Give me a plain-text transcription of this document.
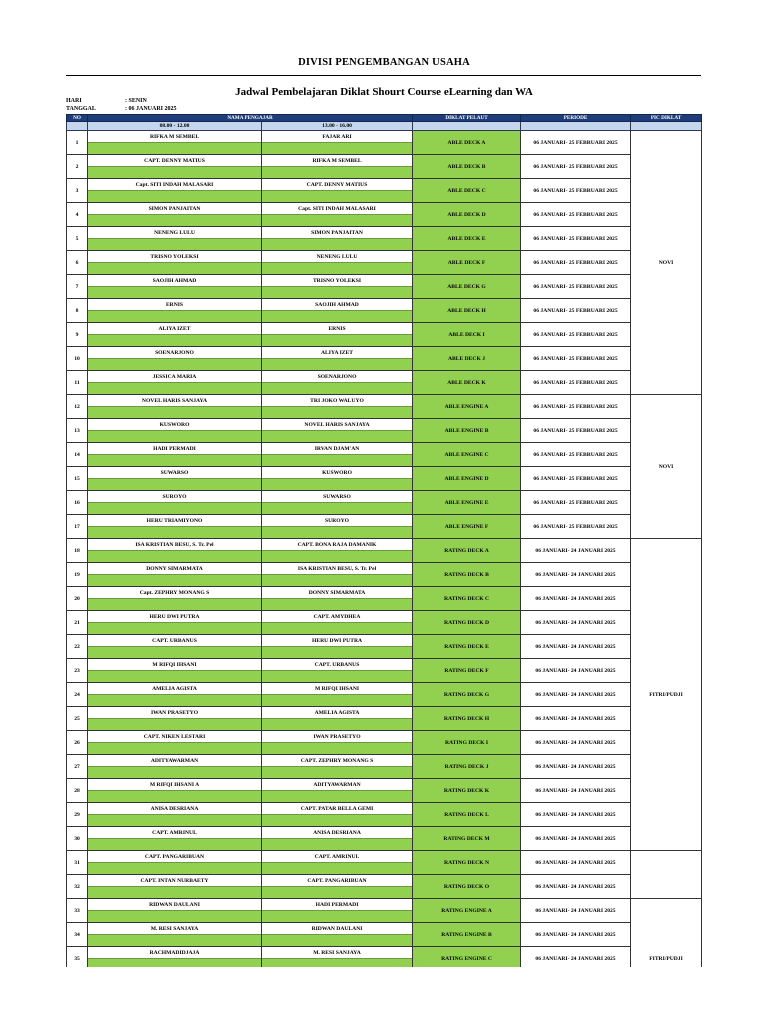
DIVISI PENGEMBANGAN USAHA
Jadwal Pembelajaran Diklat Shourt Course eLearning dan WA
HARI	: SENIN
TANGGAL	: 06 JANUARI 2025
NO	NAMA PENGAJAR		DIKLAT PELAUT	PERIODE	PIC DIKLAT
	08.00 - 12.00	13.00 - 16.00			
1	RIFKA M SEMBEL	FAJAR ARI	ABLE DECK A	06 JANUARI- 25 FEBRUARI 2025	NOVI

2	CAPT. DENNY MATIUS	RIFKA M SEMBEL	ABLE DECK B	06 JANUARI- 25 FEBRUARI 2025	

3	Capt. SITI INDAH MALASARI	CAPT. DENNY MATIUS	ABLE DECK C	06 JANUARI- 25 FEBRUARI 2025	

4	SIMON PANJAITAN	Capt. SITI INDAH MALASARI	ABLE DECK D	06 JANUARI- 25 FEBRUARI 2025	

5	NENENG LULU	SIMON PANJAITAN	ABLE DECK E	06 JANUARI- 25 FEBRUARI 2025	

6	TRISNO YOLEKSI	NENENG LULU	ABLE DECK F	06 JANUARI- 25 FEBRUARI 2025	

7	SAOJIH AHMAD	TRISNO YOLEKSI	ABLE DECK G	06 JANUARI- 25 FEBRUARI 2025	

8	ERNIS	SAOJIH AHMAD	ABLE DECK H	06 JANUARI- 25 FEBRUARI 2025	

9	ALIYA IZET	ERNIS	ABLE DECK I	06 JANUARI- 25 FEBRUARI 2025	

10	SOENARJONO	ALIYA IZET	ABLE DECK J	06 JANUARI- 25 FEBRUARI 2025	

11	JESSICA MARIA	SOENARJONO	ABLE DECK K	06 JANUARI- 25 FEBRUARI 2025	

12	NOVEL HARIS SANJAYA	TRI JOKO WALUYO	ABLE ENGINE A	06 JANUARI- 25 FEBRUARI 2025	NOVI

13	KUSWORO	NOVEL HARIS SANJAYA	ABLE ENGINE B	06 JANUARI- 25 FEBRUARI 2025	

14	HADI PERMADI	IRVAN DJAM'AN	ABLE ENGINE C	06 JANUARI- 25 FEBRUARI 2025	

15	SUWARSO	KUSWORO	ABLE ENGINE D	06 JANUARI- 25 FEBRUARI 2025	

16	SUROYO	SUWARSO	ABLE ENGINE E	06 JANUARI- 25 FEBRUARI 2025	

17	HERU TRIAMIYONO	SUROYO	ABLE ENGINE F	06 JANUARI- 25 FEBRUARI 2025	

18	ISA KRISTIAN BESU, S. Tr. Pel	CAPT. BONA RAJA DAMANIK	RATING DECK A	06 JANUARI- 24 JANUARI 2025	FITRI/PUDJI

19	DONNY SIMARMATA	ISA KRISTIAN BESU, S. Tr. Pel	RATING DECK B	06 JANUARI- 24 JANUARI 2025	

20	Capt. ZEPHRY MONANG S	DONNY SIMARMATA	RATING DECK C	06 JANUARI- 24 JANUARI 2025	

21	HERU DWI PUTRA	CAPT. AMYDHEA	RATING DECK D	06 JANUARI- 24 JANUARI 2025	

22	CAPT. URBANUS	HERU DWI PUTRA	RATING DECK E	06 JANUARI- 24 JANUARI 2025	

23	M RIFQI IHSANI	CAPT. URBANUS	RATING DECK F	06 JANUARI- 24 JANUARI 2025	

24	AMELIA AGISTA	M RIFQI IHSANI	RATING DECK G	06 JANUARI- 24 JANUARI 2025	

25	IWAN PRASETYO	AMELIA AGISTA	RATING DECK H	06 JANUARI- 24 JANUARI 2025	

26	CAPT. NIKEN LESTARI	IWAN PRASETYO	RATING DECK I	06 JANUARI- 24 JANUARI 2025	

27	ADITYAWARMAN	CAPT. ZEPHRY MONANG S	RATING DECK J	06 JANUARI- 24 JANUARI 2025	

28	M RIFQI IHSANI A	ADITYAWARMAN	RATING DECK K	06 JANUARI- 24 JANUARI 2025	

29	ANISA DESRIANA	CAPT. PATAR BELLA GEMI	RATING DECK L	06 JANUARI- 24 JANUARI 2025	

30	CAPT. AMRINUL	ANISA DESRIANA	RATING DECK M	06 JANUARI- 24 JANUARI 2025	

31	CAPT. PANGARIBUAN	CAPT. AMRINUL	RATING DECK N	06 JANUARI- 24 JANUARI 2025	

32	CAPT. INTAN NURBAETY	CAPT. PANGARIBUAN	RATING DECK O	06 JANUARI- 24 JANUARI 2025	

33	RIDWAN DAULANI	HADI PERMADI	RATING ENGINE A	06 JANUARI- 24 JANUARI 2025	FITRI/PUDJI

34	M. RESI SANJAYA	RIDWAN DAULANI	RATING ENGINE B	06 JANUARI- 24 JANUARI 2025	

35	RACHMADIDJAJA	M. RESI SANJAYA	RATING ENGINE C	06 JANUARI- 24 JANUARI 2025	
